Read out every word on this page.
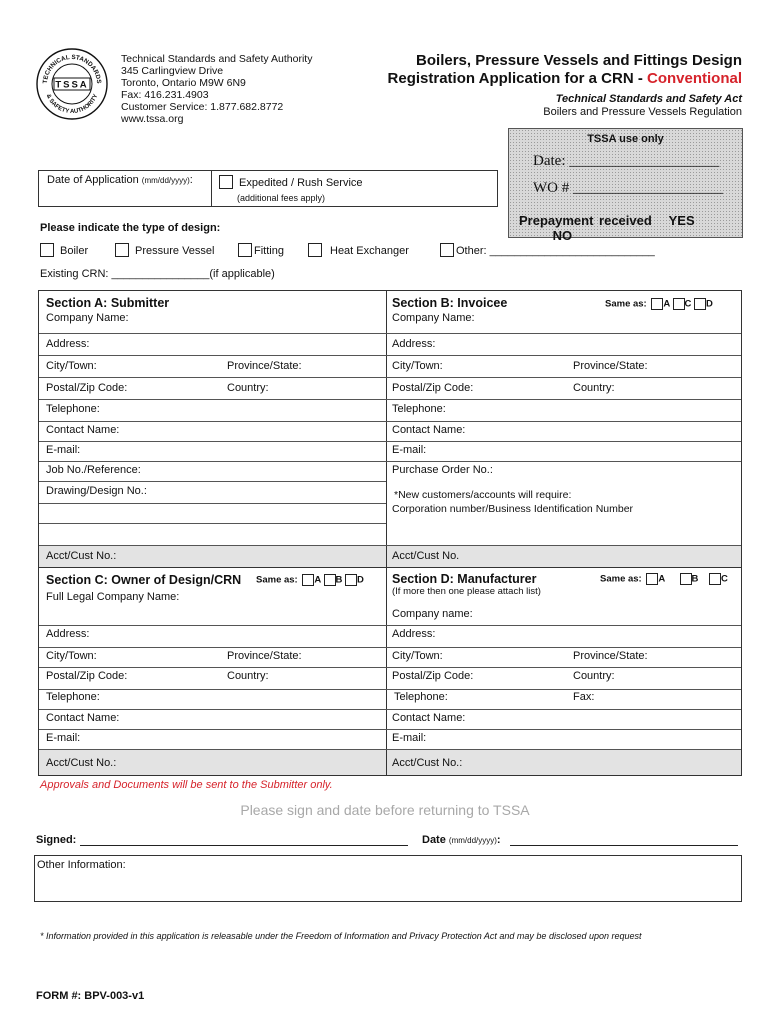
TECHNICAL STANDARDS
& SAFETY AUTHORITY
TSSA
Technical Standards and Safety Authority
345 Carlingview Drive
Toronto, Ontario M9W 6N9
Fax: 416.231.4903
Customer Service: 1.877.682.8772
www.tssa.org
Boilers, Pressure Vessels and Fittings Design
Registration Application for a CRN - Conventional
Technical Standards and Safety Act
Boilers and Pressure Vessels Regulation
TSSA use only
Date: ____________________
WO # ____________________
Prepayment received YES       NO
Date of Application (mm/dd/yyyy):	Expedited / Rush Service
(additional fees apply)
Please indicate the type of design:
Boiler	Pressure Vessel	Fitting	Heat Exchanger	Other: ___________________________
Existing CRN: ________________(if applicable)
Section A: Submitter
Company Name:
Address:
City/Town:	Province/State:
Postal/Zip Code:	Country:
Telephone:
Contact Name:
E-mail:
Job No./Reference:
Drawing/Design No.:
Acct/Cust No.:
Section B: Invoicee	Same as: A C D
Company Name:
Address:
City/Town:	Province/State:
Postal/Zip Code:	Country:
Telephone:
Contact Name:
E-mail:
Purchase Order No.:
*New customers/accounts will require:
Corporation number/Business Identification Number
Acct/Cust No.
Section C: Owner of Design/CRN Same as: A B D
Full Legal Company Name:
Address:
City/Town:	Province/State:
Postal/Zip Code:	Country:
Telephone:
Contact Name:
E-mail:
Acct/Cust No.:
Section D: Manufacturer	Same as: A	B C
(If more then one please attach list)
Company name:
Address:
City/Town:	Province/State:
Postal/Zip Code:	Country:
Telephone:	Fax:
Contact Name:
E-mail:
Acct/Cust No.:
Approvals and Documents will be sent to the Submitter only.
Please sign and date before returning to TSSA
Signed:	Date (mm/dd/yyyy):
Other Information:
* Information provided in this application is releasable under the Freedom of Information and Privacy Protection Act and may be disclosed upon request
FORM #: BPV-003-v1
